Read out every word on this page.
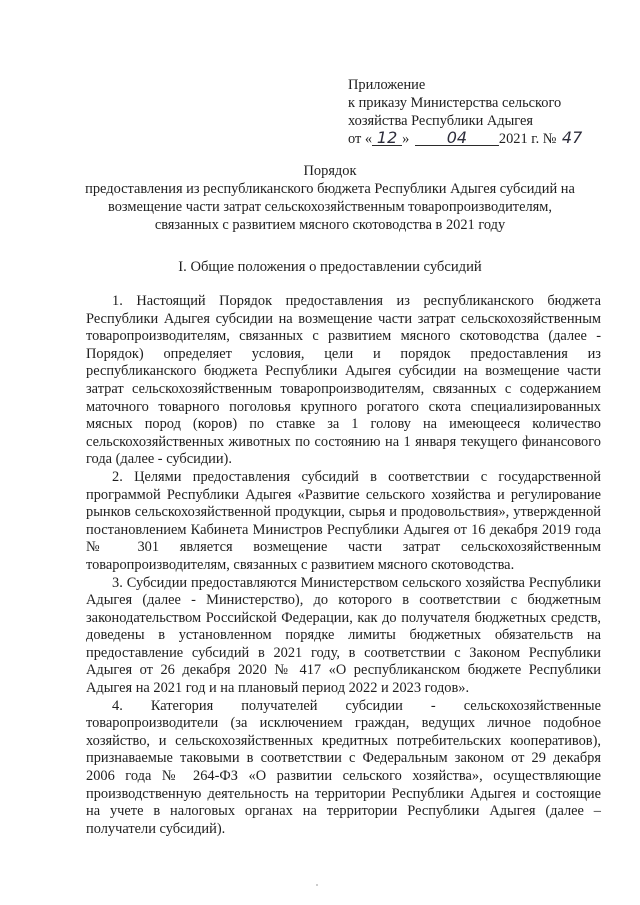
Приложение
к приказу Министерства сельского
хозяйства Республики Адыгея
от « 12 » 04 2021 г. № 47
Порядок
предоставления из республиканского бюджета Республики Адыгея субсидий на
возмещение части затрат сельскохозяйственным товаропроизводителям,
связанных с развитием мясного скотоводства в 2021 году
I. Общие положения о предоставлении субсидий

1. Настоящий Порядок предоставления из республиканского бюджета Республики Адыгея субсидии на возмещение части затрат сельскохозяйственным товаропроизводителям, связанных с развитием мясного скотоводства (далее - Порядок) определяет условия, цели и порядок предоставления из республиканского бюджета Республики Адыгея субсидии на возмещение части затрат сельскохозяйственным товаропроизводителям, связанных с содержанием маточного товарного поголовья крупного рогатого скота специализированных мясных пород (коров) по ставке за 1 голову на имеющееся количество сельскохозяйственных животных по состоянию на 1 января текущего финансового года (далее - субсидии).

2. Целями предоставления субсидий в соответствии с государственной программой Республики Адыгея «Развитие сельского хозяйства и регулирование рынков сельскохозяйственной продукции, сырья и продовольствия», утвержденной постановлением Кабинета Министров Республики Адыгея от 16 декабря 2019 года № 301 является возмещение части затрат сельскохозяйственным товаропроизводителям, связанных с развитием мясного скотоводства.

3. Субсидии предоставляются Министерством сельского хозяйства Республики Адыгея (далее - Министерство), до которого в соответствии с бюджетным законодательством Российской Федерации, как до получателя бюджетных средств, доведены в установленном порядке лимиты бюджетных обязательств на предоставление субсидий в 2021 году, в соответствии с Законом Республики Адыгея от 26 декабря 2020 № 417 «О республиканском бюджете Республики Адыгея на 2021 год и на плановый период 2022 и 2023 годов».

4. Категория получателей субсидии - сельскохозяйственные товаропроизводители (за исключением граждан, ведущих личное подобное хозяйство, и сельскохозяйственных кредитных потребительских кооперативов), признаваемые таковыми в соответствии с Федеральным законом от 29 декабря 2006 года № 264-ФЗ «О развитии сельского хозяйства», осуществляющие производственную деятельность на территории Республики Адыгея и состоящие на учете в налоговых органах на территории Республики Адыгея (далее – получатели субсидий).
